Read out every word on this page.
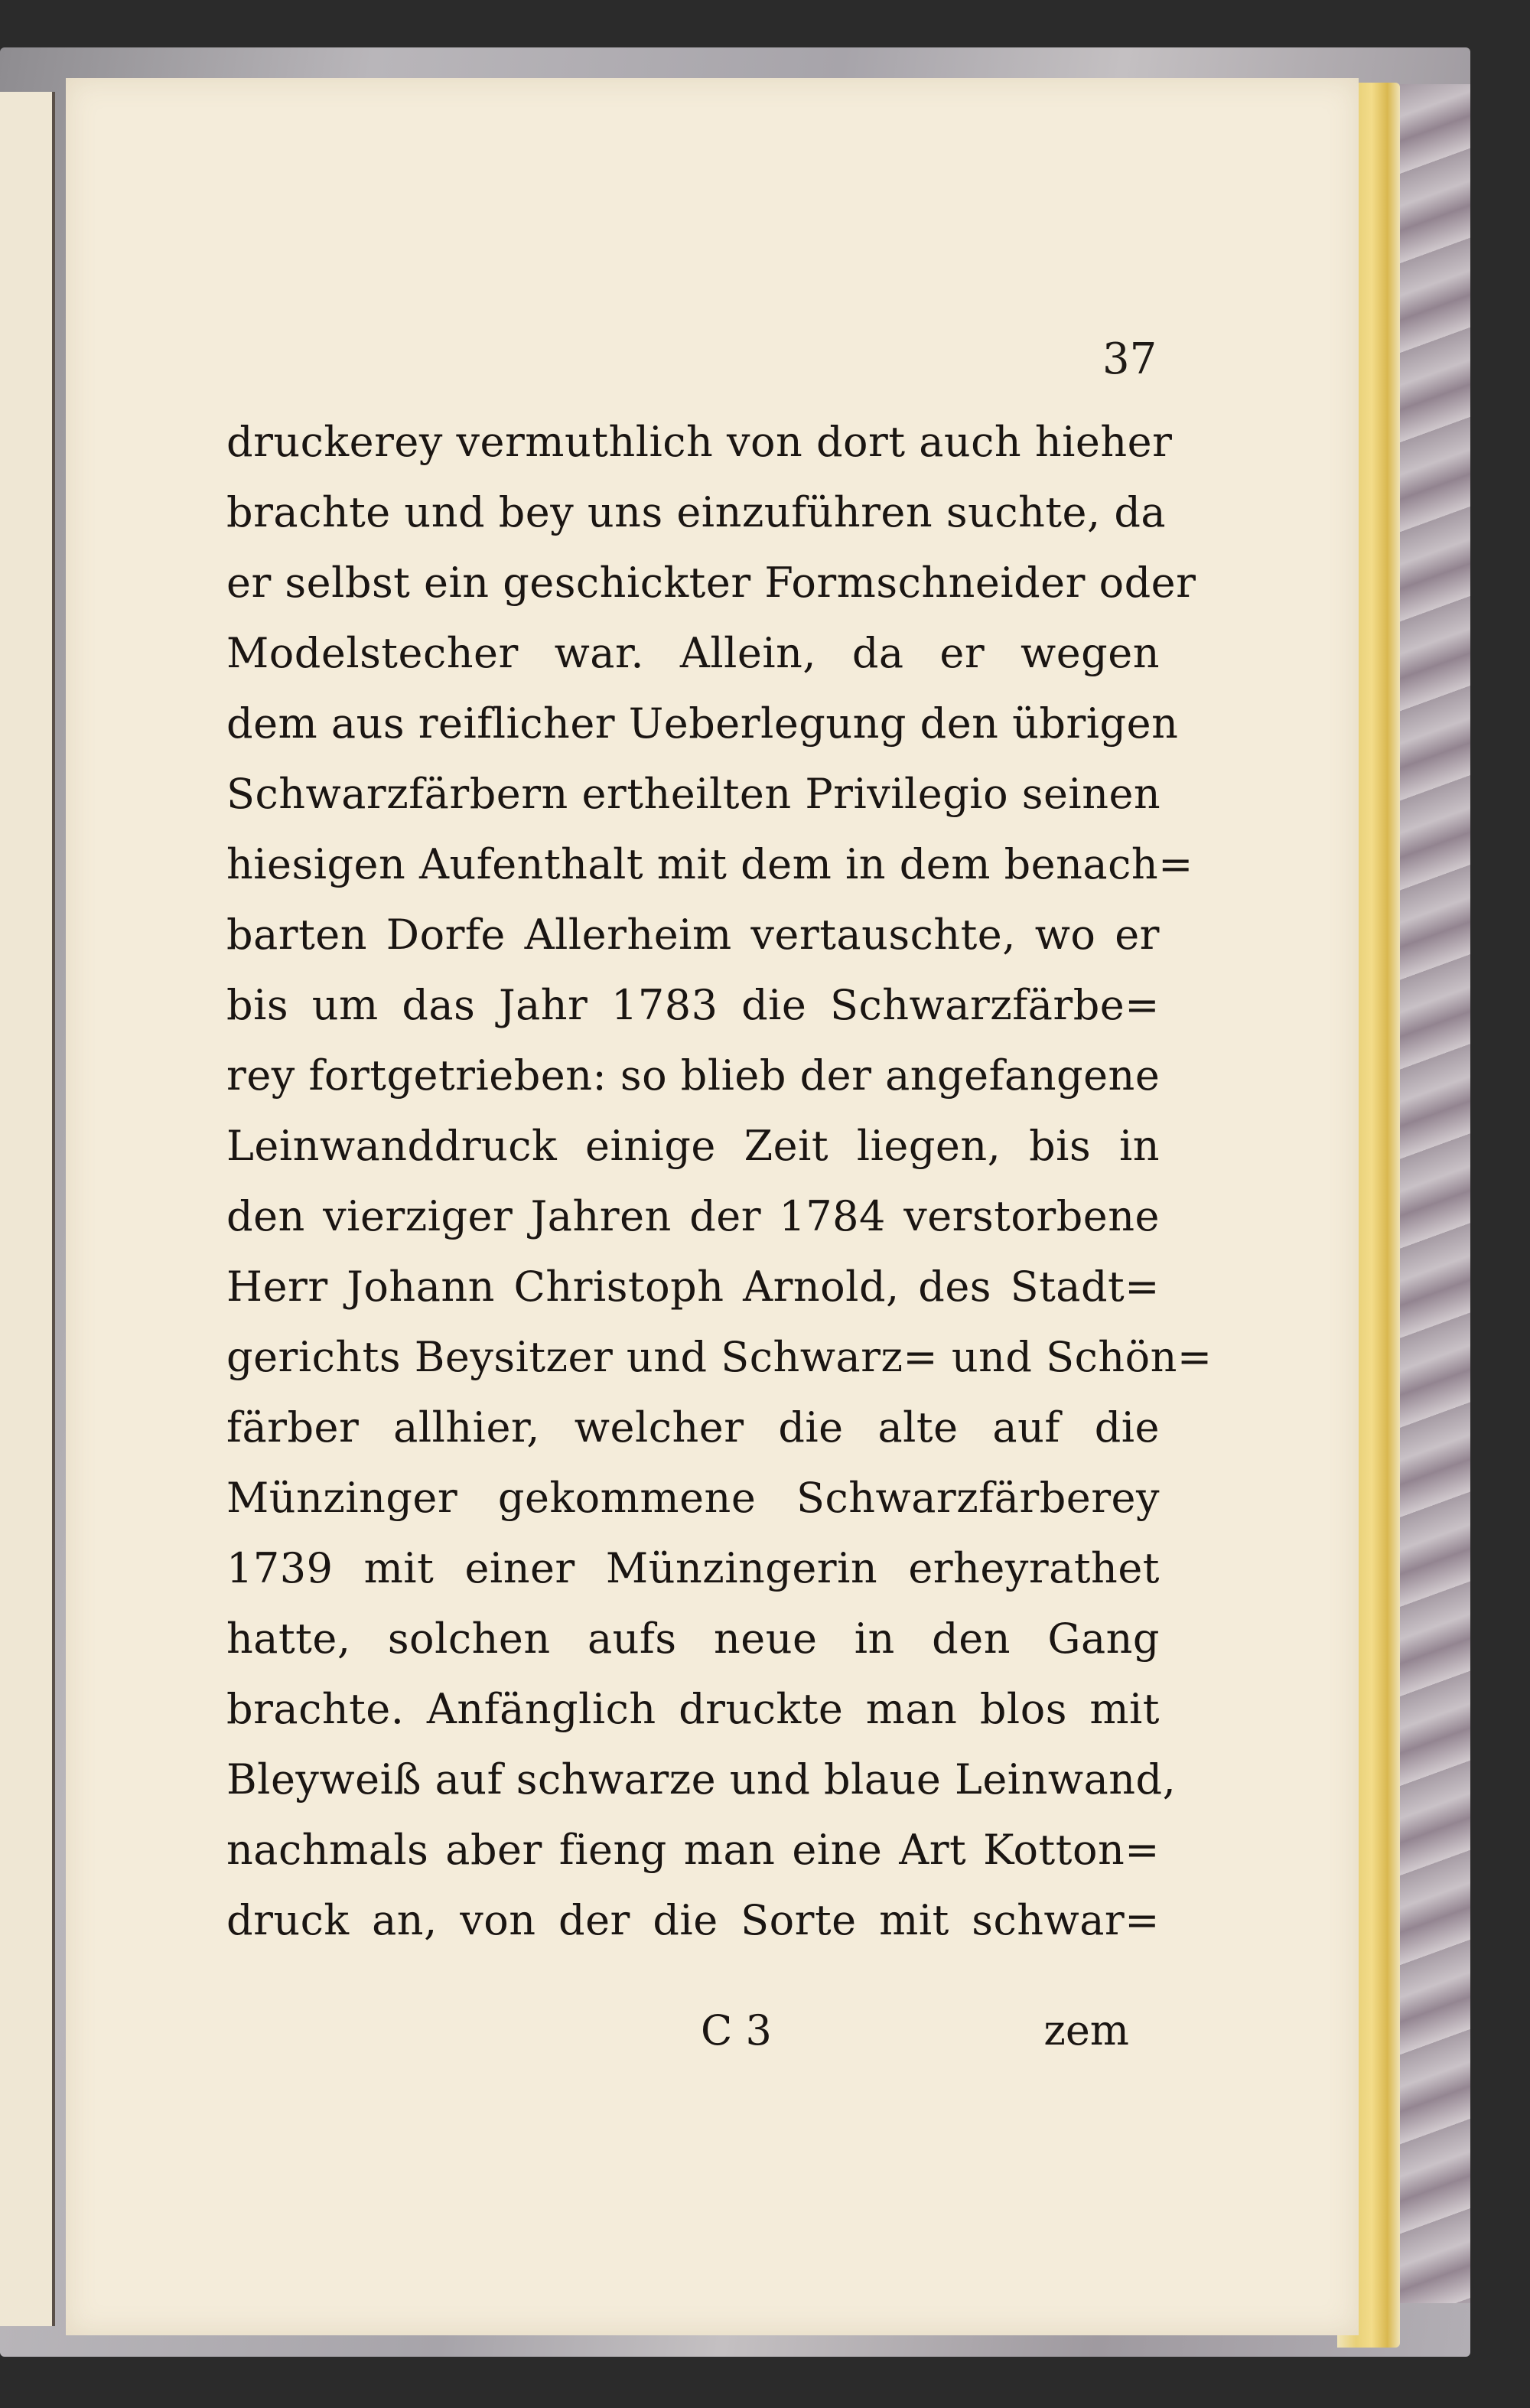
37
druckerey vermuthlich von dort auch hieher
brachte und bey uns einzuführen suchte, da
er selbst ein geschickter Formschneider oder
Modelstecher war. Allein, da er wegen
dem aus reiflicher Ueberlegung den übrigen
Schwarzfärbern ertheilten Privilegio seinen
hiesigen Aufenthalt mit dem in dem benach=
barten Dorfe Allerheim vertauschte, wo er
bis um das Jahr 1783 die Schwarzfärbe=
rey fortgetrieben: so blieb der angefangene
Leinwanddruck einige Zeit liegen, bis in
den vierziger Jahren der 1784 verstorbene
Herr Johann Christoph Arnold, des Stadt=
gerichts Beysitzer und Schwarz= und Schön=
färber allhier, welcher die alte auf die
Münzinger gekommene Schwarzfärberey
1739 mit einer Münzingerin erheyrathet
hatte, solchen aufs neue in den Gang
brachte. Anfänglich druckte man blos mit
Bleyweiß auf schwarze und blaue Leinwand,
nachmals aber fieng man eine Art Kotton=
druck an, von der die Sorte mit schwar=
C 3	zem
